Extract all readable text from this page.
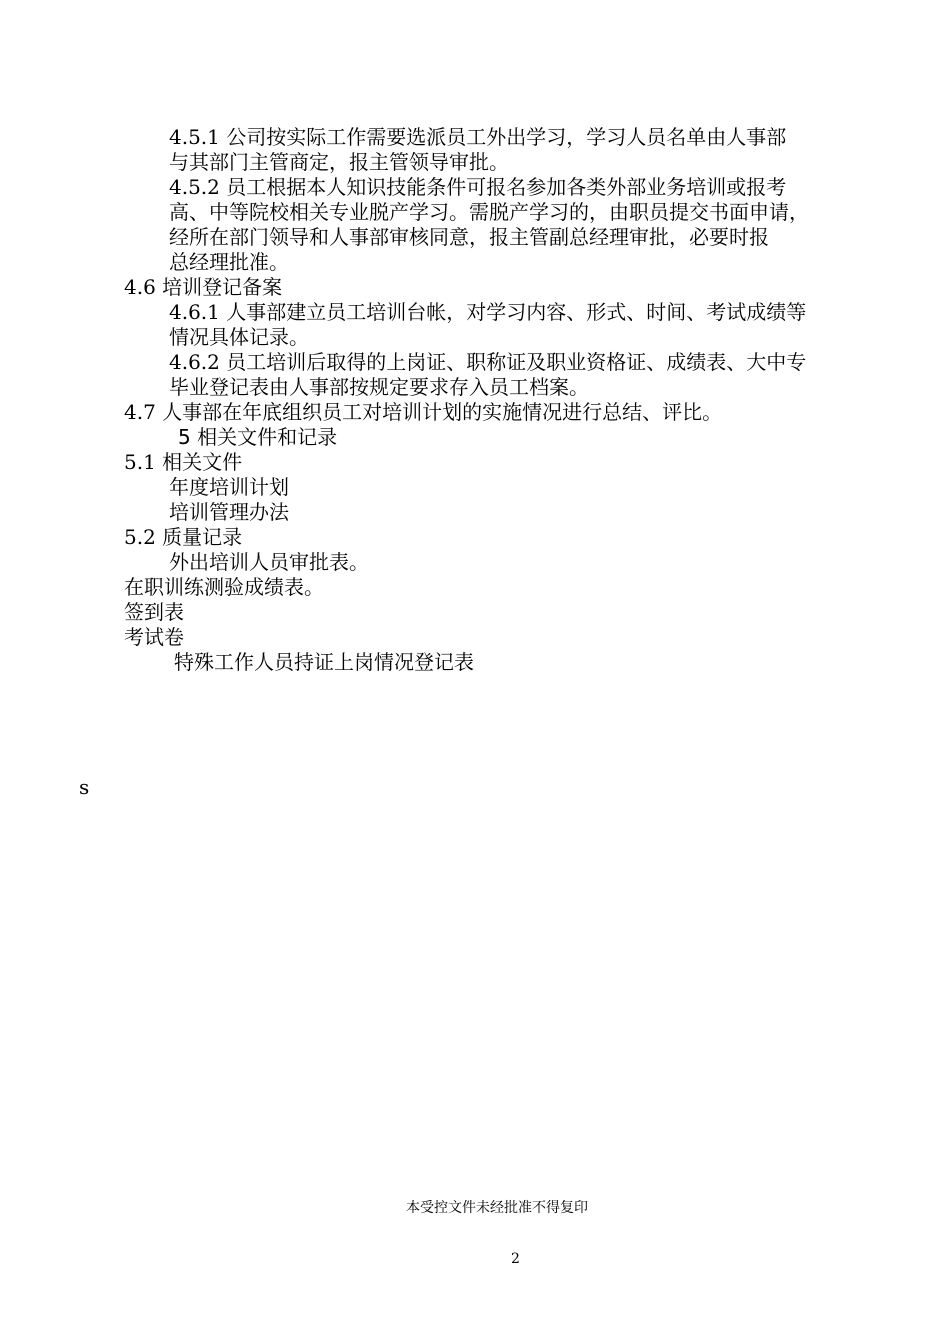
4.5.1 公司按实际工作需要选派员工外出学习，学习人员名单由人事部
与其部门主管商定，报主管领导审批。
4.5.2 员工根据本人知识技能条件可报名参加各类外部业务培训或报考
高、中等院校相关专业脱产学习。需脱产学习的，由职员提交书面申请，
经所在部门领导和人事部审核同意，报主管副总经理审批，必要时报
总经理批准。
4.6 培训登记备案
4.6.1 人事部建立员工培训台帐，对学习内容、形式、时间、考试成绩等
情况具体记录。
4.6.2 员工培训后取得的上岗证、职称证及职业资格证、成绩表、大中专
毕业登记表由人事部按规定要求存入员工档案。
4.7 人事部在年底组织员工对培训计划的实施情况进行总结、评比。
5 相关文件和记录
5.1 相关文件
年度培训计划
培训管理办法
5.2 质量记录
外出培训人员审批表。
在职训练测验成绩表。
签到表
考试卷
特殊工作人员持证上岗情况登记表
s
本受控文件未经批准不得复印
2
